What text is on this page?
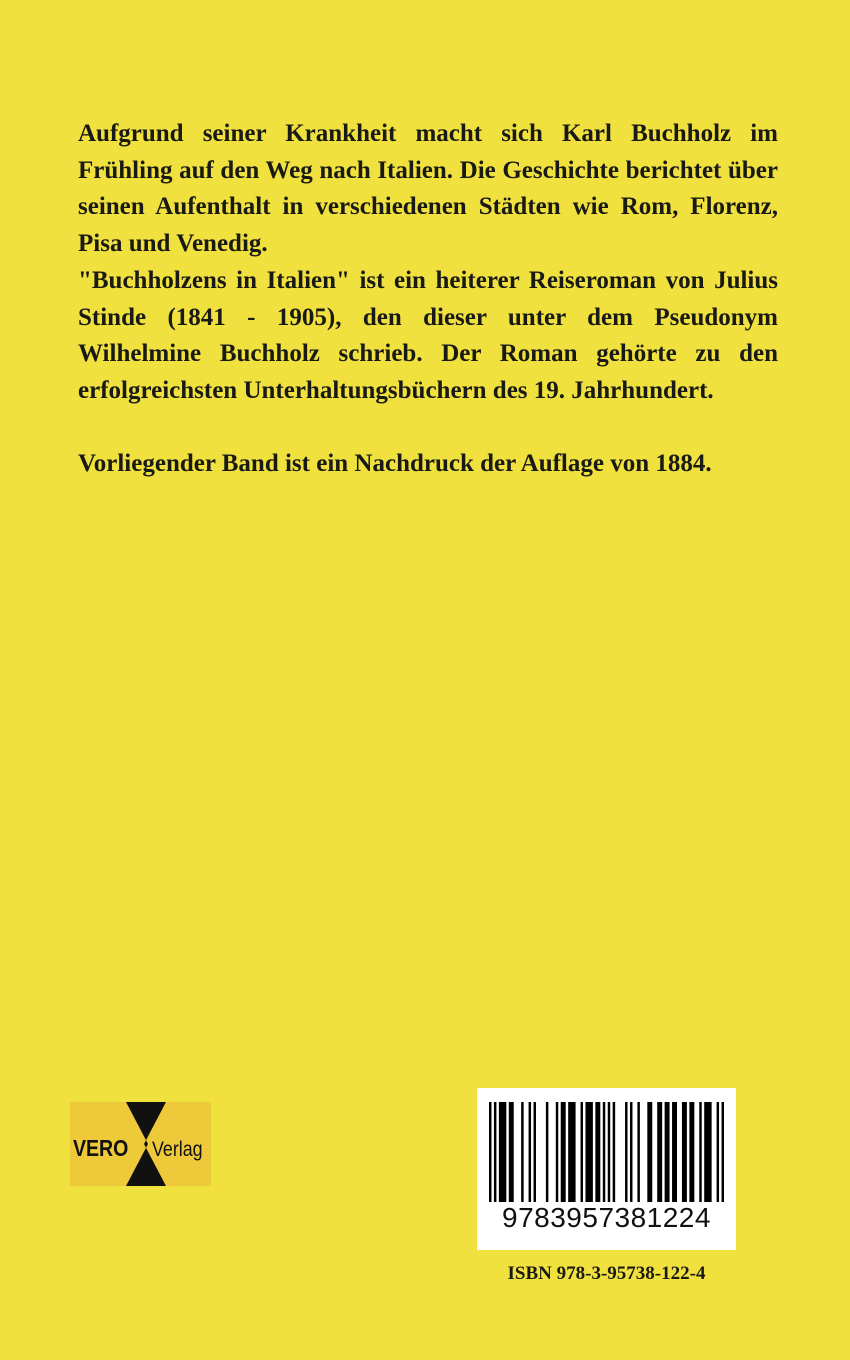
Aufgrund seiner Krankheit macht sich Karl Buchholz im Frühling auf den Weg nach Italien. Die Geschichte berichtet über seinen Aufenthalt in verschiedenen Städten wie Rom, Florenz, Pisa und Venedig.

"Buchholzens in Italien" ist ein heiterer Reiseroman von Julius Stinde (1841 - 1905), den dieser unter dem Pseudonym Wilhelmine Buchholz schrieb. Der Roman gehörte zu den erfolgreichsten Unterhaltungsbüchern des 19. Jahrhundert.

Vorliegender Band ist ein Nachdruck der Auflage von 1884.

VERO Verlag
9783957381224
ISBN 978-3-95738-122-4
